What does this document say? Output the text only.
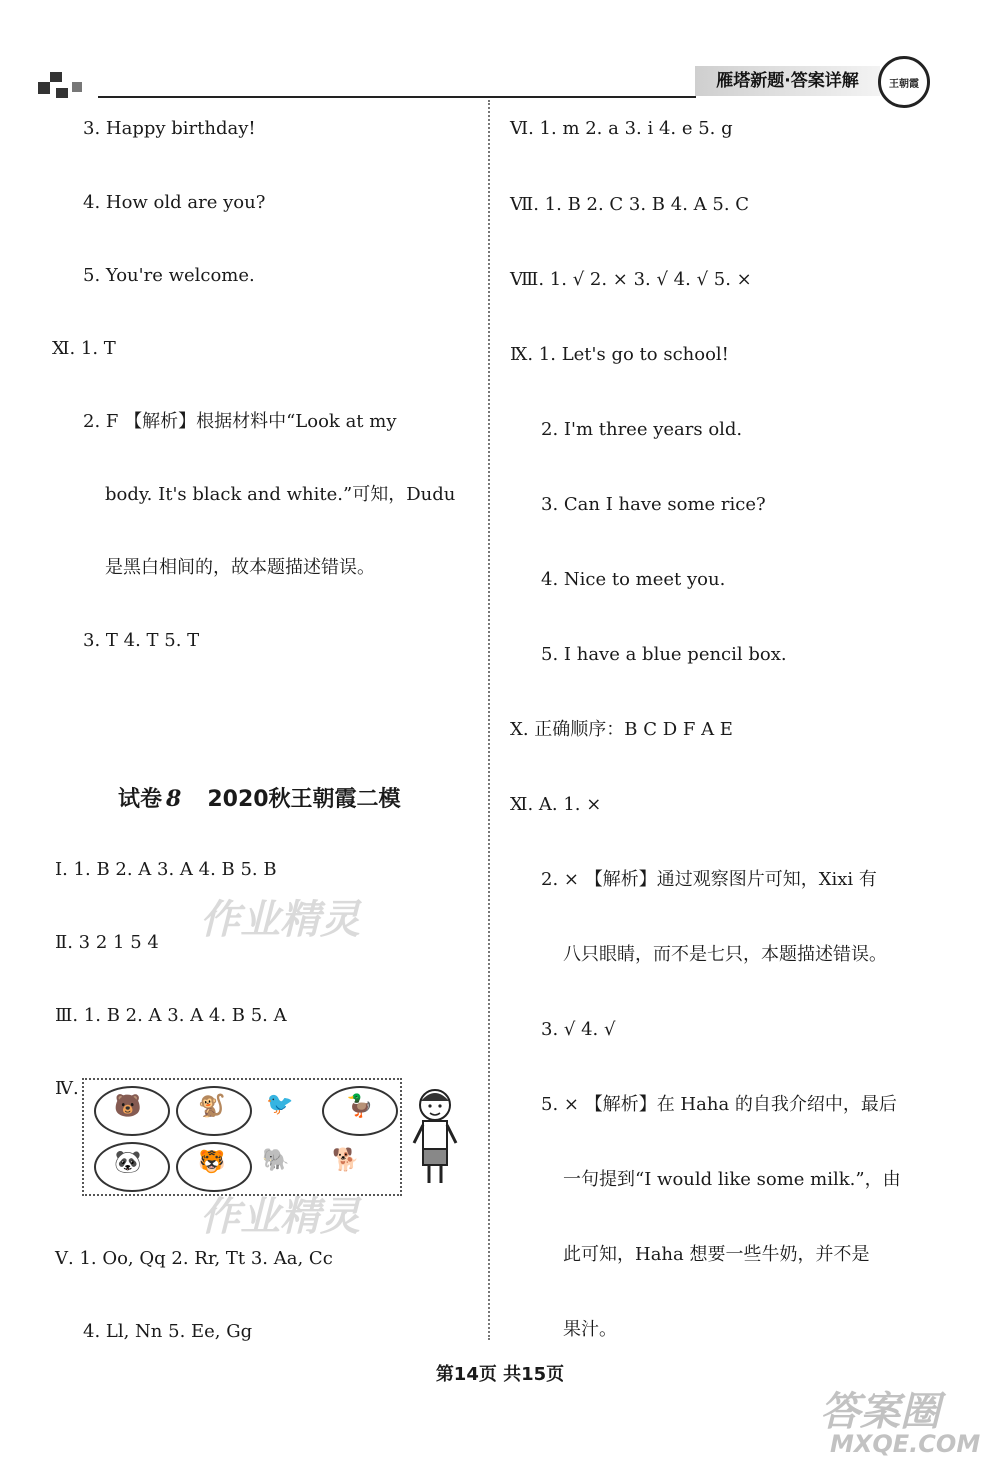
雁塔新题·答案详解	王朝霞
3. Happy birthday!
4. How old are you?
5. You're welcome.
Ⅺ. 1. T
2. F 【解析】根据材料中“Look at my
body. It's black and white.”可知，Dudu
是黑白相间的，故本题描述错误。
3. T 4. T 5. T
试卷 8 2020秋王朝霞二模
Ⅰ. 1. B 2. A 3. A 4. B 5. B
Ⅱ. 3 2 1 5 4
Ⅲ. 1. B 2. A 3. A 4. B 5. A
Ⅳ.
🐻	🐒 🐦 🦆
🐼	🐯 🐘 🐕
Ⅴ. 1. Oo, Qq 2. Rr, Tt 3. Aa, Cc
4. Ll, Nn 5. Ee, Gg
Ⅵ. 1. m 2. a 3. i 4. e 5. g
Ⅶ. 1. B 2. C 3. B 4. A 5. C
Ⅷ. 1. √ 2. × 3. √ 4. √ 5. ×
Ⅸ. 1. Let's go to school!
2. I'm three years old.
3. Can I have some rice?
4. Nice to meet you.
5. I have a blue pencil box.
Ⅹ. 正确顺序：B C D F A E
Ⅺ. A. 1. ×
2. × 【解析】通过观察图片可知，Xixi 有
八只眼睛，而不是七只，本题描述错误。
3. √ 4. √
5. × 【解析】在 Haha 的自我介绍中，最后
一句提到“I would like some milk.”，由
此可知，Haha 想要一些牛奶，并不是
果汁。
第14页 共15页
作业精灵
作业精灵
答案圈
MXQE.COM
